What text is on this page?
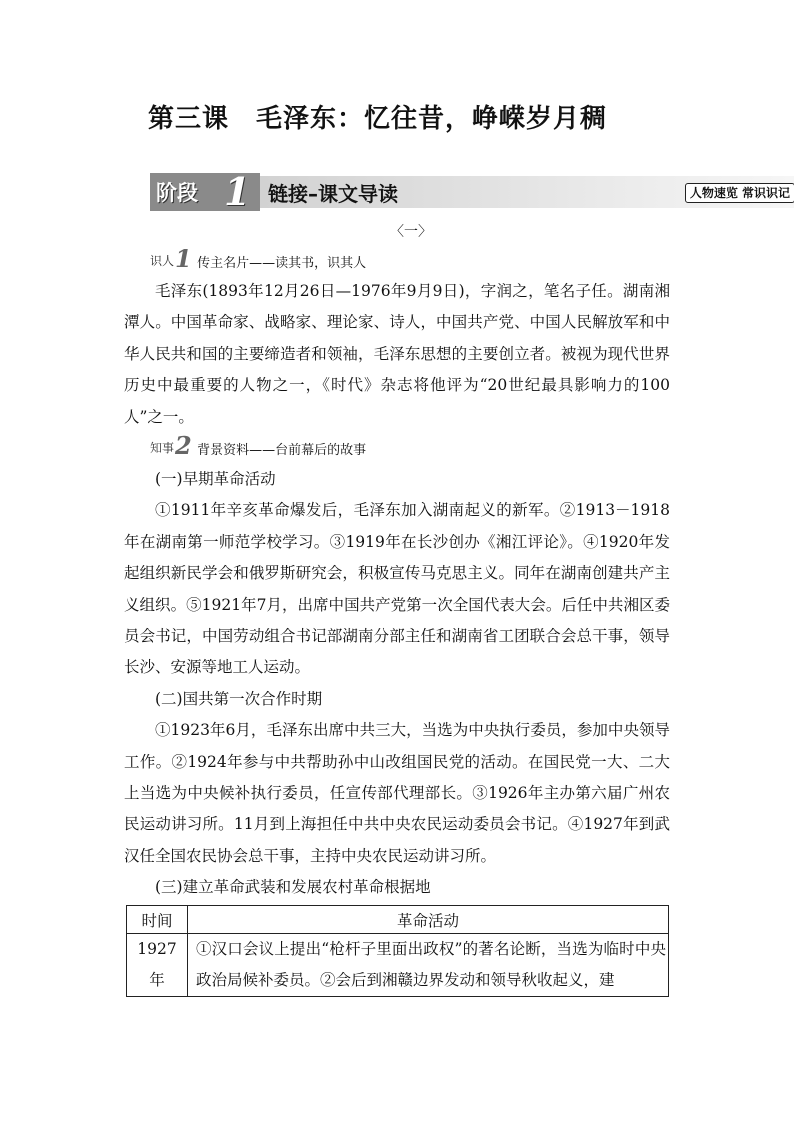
第三课　毛泽东：忆往昔，峥嵘岁月稠
阶段 1 链接–课文导读	人物速览 常识识记
〈一〉
识人 1 传主名片——读其书，识其人

毛泽东(1893年12月26日—1976年9月9日)，字润之，笔名子任。湖南湘潭人。中国革命家、战略家、理论家、诗人，中国共产党、中国人民解放军和中华人民共和国的主要缔造者和领袖，毛泽东思想的主要创立者。被视为现代世界历史中最重要的人物之一，《时代》杂志将他评为“20世纪最具影响力的100人”之一。

知事 2 背景资料——台前幕后的故事

(一)早期革命活动

①1911年辛亥革命爆发后，毛泽东加入湖南起义的新军。②1913－1918年在湖南第一师范学校学习。③1919年在长沙创办《湘江评论》。④1920年发起组织新民学会和俄罗斯研究会，积极宣传马克思主义。同年在湖南创建共产主义组织。⑤1921年7月，出席中国共产党第一次全国代表大会。后任中共湘区委员会书记，中国劳动组合书记部湖南分部主任和湖南省工团联合会总干事，领导长沙、安源等地工人运动。

(二)国共第一次合作时期

①1923年6月，毛泽东出席中共三大，当选为中央执行委员，参加中央领导工作。②1924年参与中共帮助孙中山改组国民党的活动。在国民党一大、二大上当选为中央候补执行委员，任宣传部代理部长。③1926年主办第六届广州农民运动讲习所。11月到上海担任中共中央农民运动委员会书记。④1927年到武汉任全国农民协会总干事，主持中央农民运动讲习所。

(三)建立革命武装和发展农村革命根据地

时间	革命活动
1927年	①汉口会议上提出“枪杆子里面出政权”的著名论断，当选为临时中央政治局候补委员。②会后到湘赣边界发动和领导秋收起义，建
